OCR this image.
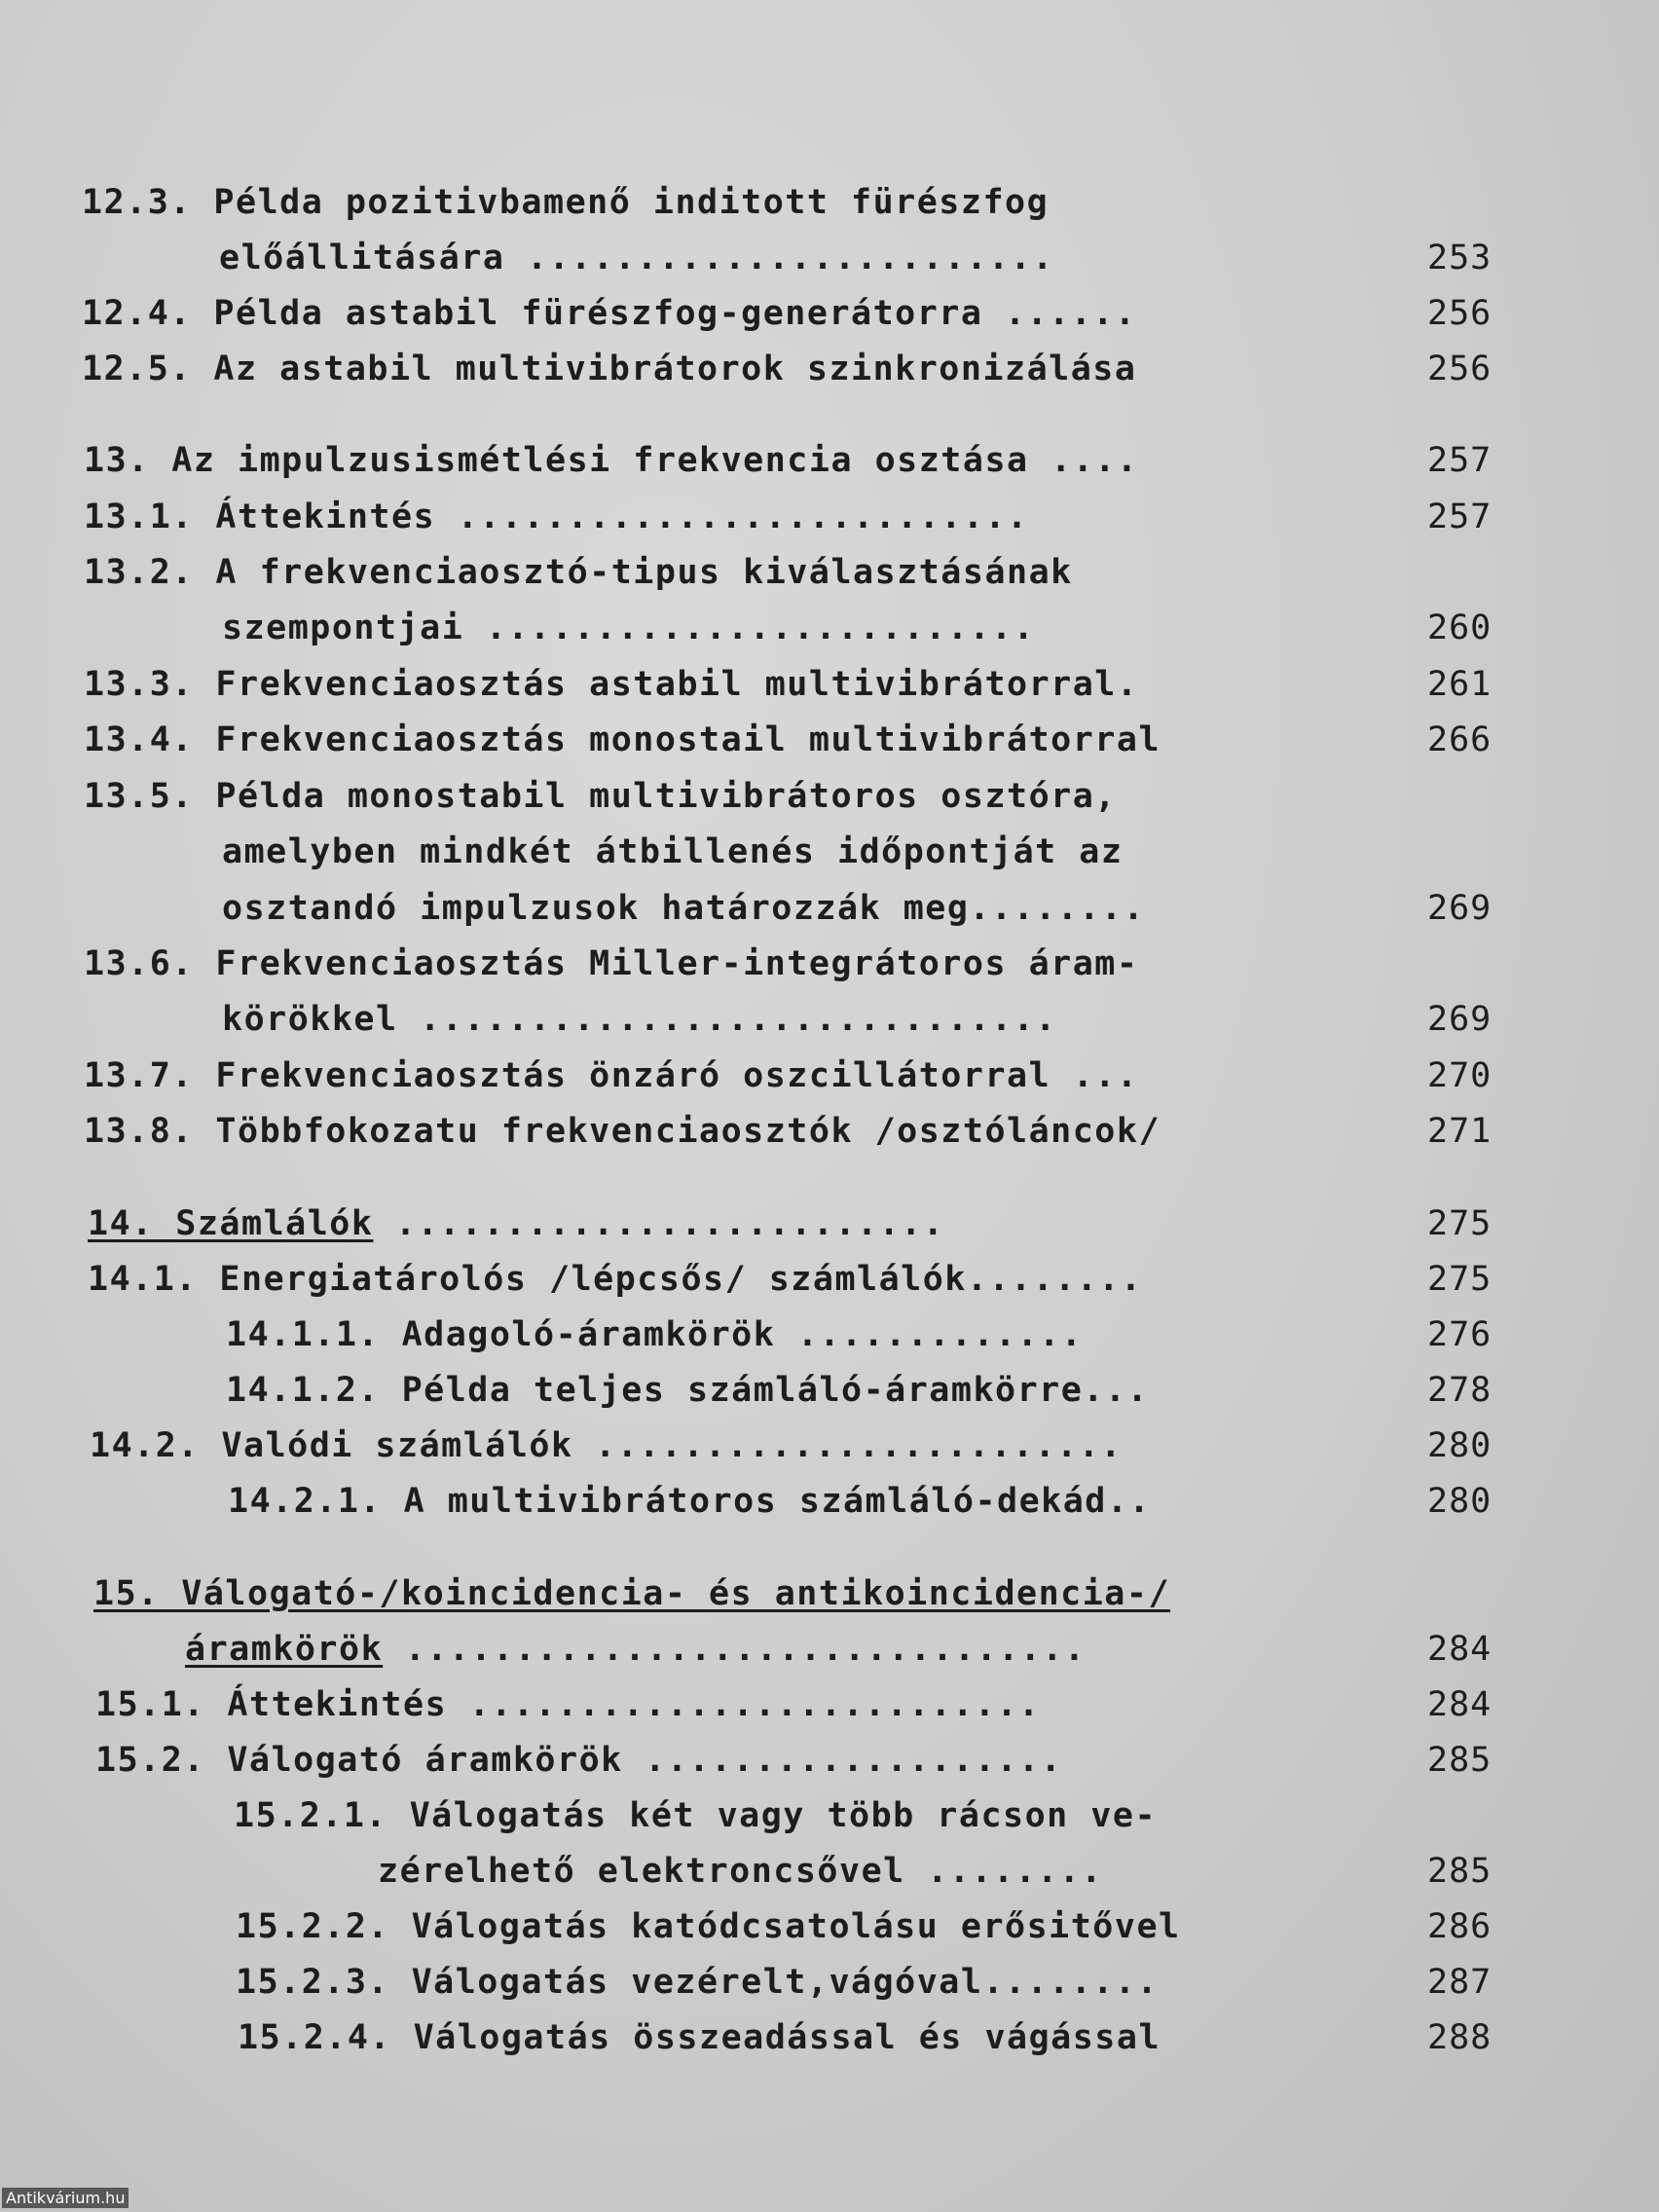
12.3. Példa pozitivbamenő inditott fürészfog
előállitására ........................	253
12.4. Példa astabil fürészfog-generátorra ......	256
12.5. Az astabil multivibrátorok szinkronizálása	256
13. Az impulzusismétlési frekvencia osztása ....	257
13.1. Áttekintés ..........................	257
13.2. A frekvenciaosztó-tipus kiválasztásának
szempontjai .........................	260
13.3. Frekvenciaosztás astabil multivibrátorral.	261
13.4. Frekvenciaosztás monostail multivibrátorral	266
13.5. Példa monostabil multivibrátoros osztóra,
amelyben mindkét átbillenés időpontját az
osztandó impulzusok határozzák meg........	269
13.6. Frekvenciaosztás Miller-integrátoros áram-
körökkel .............................	269
13.7. Frekvenciaosztás önzáró oszcillátorral ...	270
13.8. Többfokozatu frekvenciaosztók /osztóláncok/	271
14. Számlálók .........................	275
14.1. Energiatárolós /lépcsős/ számlálók........	275
14.1.1. Adagoló-áramkörök .............	276
14.1.2. Példa teljes számláló-áramkörre...	278
14.2. Valódi számlálók ........................	280
14.2.1. A multivibrátoros számláló-dekád..	280
15. Válogató-/koincidencia- és antikoincidencia-/
áramkörök ...............................	284
15.1. Áttekintés ..........................	284
15.2. Válogató áramkörök ...................	285
15.2.1. Válogatás két vagy több rácson ve-
zérelhető elektroncsővel ........	285
15.2.2. Válogatás katódcsatolásu erősitővel	286
15.2.3. Válogatás vezérelt,vágóval........	287
15.2.4. Válogatás összeadással és vágással	288
Antikvárium.hu
